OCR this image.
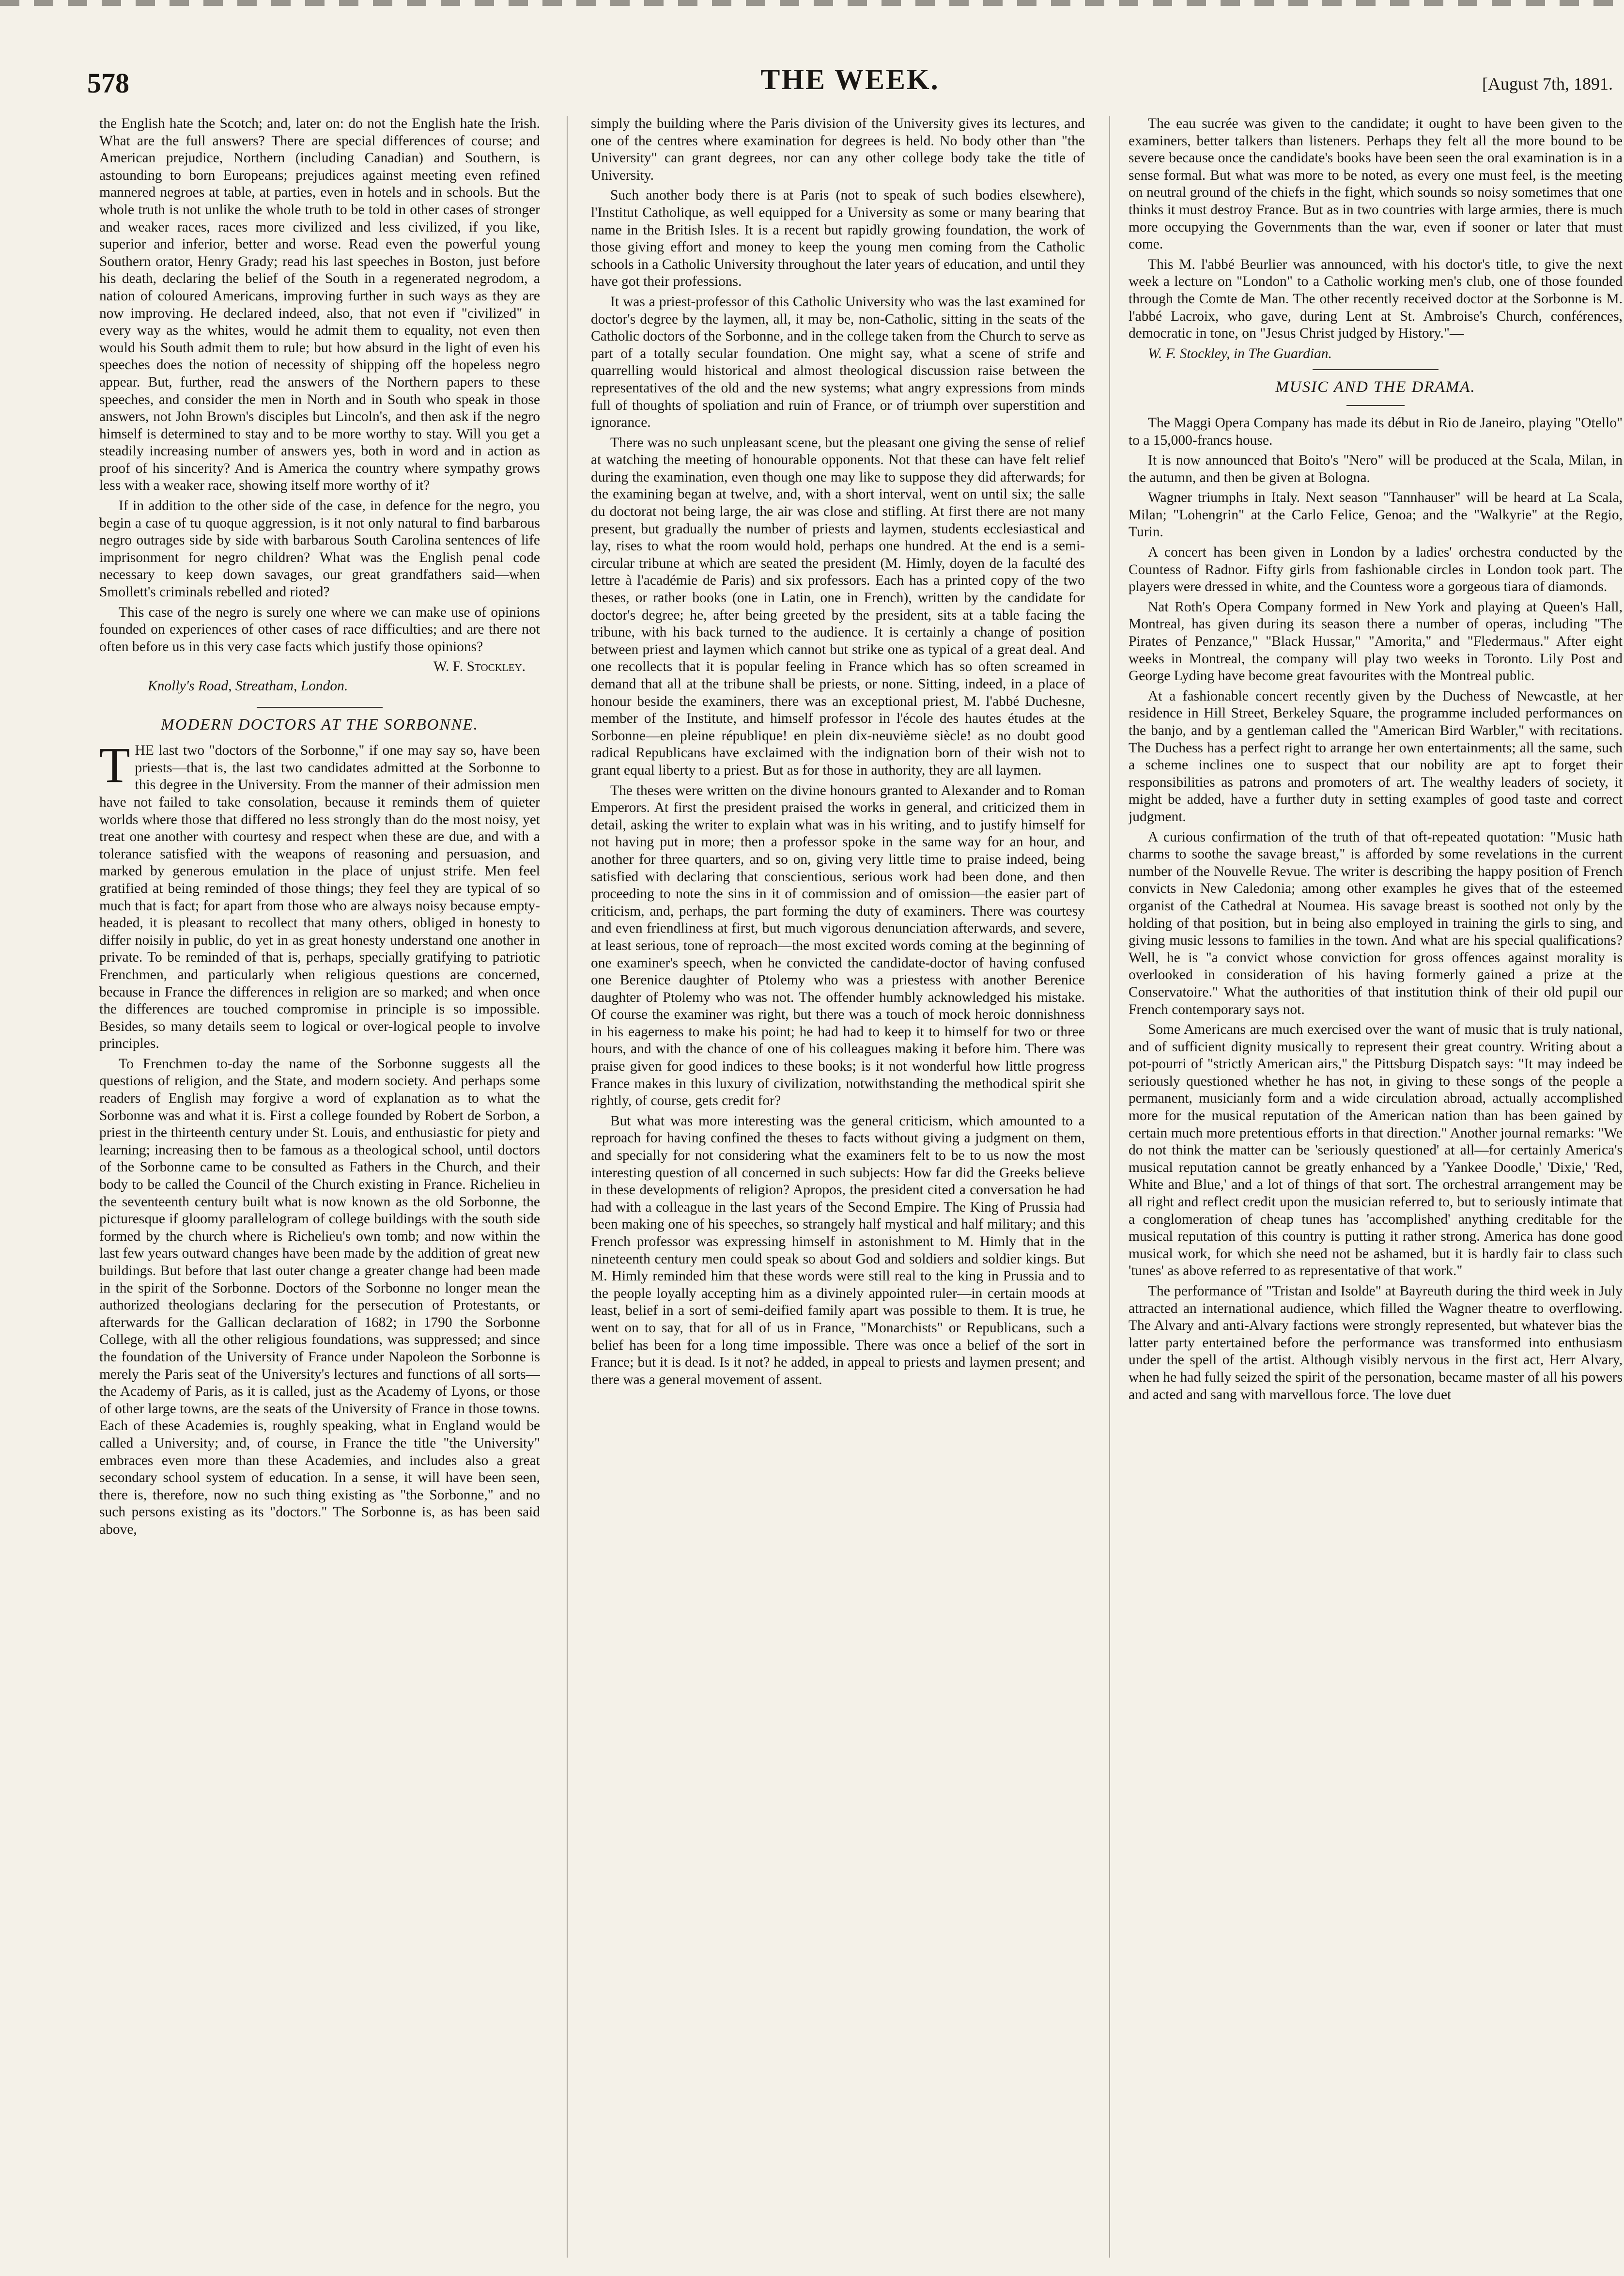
578	THE WEEK.	[August 7th, 1891.

the English hate the Scotch; and, later on: do not the English hate the Irish. What are the full answers? There are special differences of course; and American prejudice, Northern (including Canadian) and Southern, is astounding to born Europeans; prejudices against meeting even refined mannered negroes at table, at parties, even in hotels and in schools. But the whole truth is not unlike the whole truth to be told in other cases of stronger and weaker races, races more civilized and less civilized, if you like, superior and inferior, better and worse. Read even the powerful young Southern orator, Henry Grady; read his last speeches in Boston, just before his death, declaring the belief of the South in a regenerated negrodom, a nation of coloured Americans, improving further in such ways as they are now improving. He declared indeed, also, that not even if "civilized" in every way as the whites, would he admit them to equality, not even then would his South admit them to rule; but how absurd in the light of even his speeches does the notion of necessity of shipping off the hopeless negro appear. But, further, read the answers of the Northern papers to these speeches, and consider the men in North and in South who speak in those answers, not John Brown's disciples but Lincoln's, and then ask if the negro himself is determined to stay and to be more worthy to stay. Will you get a steadily increasing number of answers yes, both in word and in action as proof of his sincerity? And is America the country where sympathy grows less with a weaker race, showing itself more worthy of it?

If in addition to the other side of the case, in defence for the negro, you begin a case of tu quoque aggression, is it not only natural to find barbarous negro outrages side by side with barbarous South Carolina sentences of life imprisonment for negro children? What was the English penal code necessary to keep down savages, our great grandfathers said—when Smollett's criminals rebelled and rioted?

This case of the negro is surely one where we can make use of opinions founded on experiences of other cases of race difficulties; and are there not often before us in this very case facts which justify those opinions?

W. F. Stockley.
Knolly's Road, Streatham, London.
MODERN DOCTORS AT THE SORBONNE.

THE last two "doctors of the Sorbonne," if one may say so, have been priests—that is, the last two candidates admitted at the Sorbonne to this degree in the University. From the manner of their admission men have not failed to take consolation, because it reminds them of quieter worlds where those that differed no less strongly than do the most noisy, yet treat one another with courtesy and respect when these are due, and with a tolerance satisfied with the weapons of reasoning and persuasion, and marked by generous emulation in the place of unjust strife. Men feel gratified at being reminded of those things; they feel they are typical of so much that is fact; for apart from those who are always noisy because empty-headed, it is pleasant to recollect that many others, obliged in honesty to differ noisily in public, do yet in as great honesty understand one another in private. To be reminded of that is, perhaps, specially gratifying to patriotic Frenchmen, and particularly when religious questions are concerned, because in France the differences in religion are so marked; and when once the differences are touched compromise in principle is so impossible. Besides, so many details seem to logical or over-logical people to involve principles.

To Frenchmen to-day the name of the Sorbonne suggests all the questions of religion, and the State, and modern society. And perhaps some readers of English may forgive a word of explanation as to what the Sorbonne was and what it is. First a college founded by Robert de Sorbon, a priest in the thirteenth century under St. Louis, and enthusiastic for piety and learning; increasing then to be famous as a theological school, until doctors of the Sorbonne came to be consulted as Fathers in the Church, and their body to be called the Council of the Church existing in France. Richelieu in the seventeenth century built what is now known as the old Sorbonne, the picturesque if gloomy parallelogram of college buildings with the south side formed by the church where is Richelieu's own tomb; and now within the last few years outward changes have been made by the addition of great new buildings. But before that last outer change a greater change had been made in the spirit of the Sorbonne. Doctors of the Sorbonne no longer mean the authorized theologians declaring for the persecution of Protestants, or afterwards for the Gallican declaration of 1682; in 1790 the Sorbonne College, with all the other religious foundations, was suppressed; and since the foundation of the University of France under Napoleon the Sorbonne is merely the Paris seat of the University's lectures and functions of all sorts—the Academy of Paris, as it is called, just as the Academy of Lyons, or those of other large towns, are the seats of the University of France in those towns. Each of these Academies is, roughly speaking, what in England would be called a University; and, of course, in France the title "the University" embraces even more than these Academies, and includes also a great secondary school system of education. In a sense, it will have been seen, there is, therefore, now no such thing existing as "the Sorbonne," and no such persons existing as its "doctors." The Sorbonne is, as has been said above,

simply the building where the Paris division of the University gives its lectures, and one of the centres where examination for degrees is held. No body other than "the University" can grant degrees, nor can any other college body take the title of University.

Such another body there is at Paris (not to speak of such bodies elsewhere), l'Institut Catholique, as well equipped for a University as some or many bearing that name in the British Isles. It is a recent but rapidly growing foundation, the work of those giving effort and money to keep the young men coming from the Catholic schools in a Catholic University throughout the later years of education, and until they have got their professions.

It was a priest-professor of this Catholic University who was the last examined for doctor's degree by the laymen, all, it may be, non-Catholic, sitting in the seats of the Catholic doctors of the Sorbonne, and in the college taken from the Church to serve as part of a totally secular foundation. One might say, what a scene of strife and quarrelling would historical and almost theological discussion raise between the representatives of the old and the new systems; what angry expressions from minds full of thoughts of spoliation and ruin of France, or of triumph over superstition and ignorance.

There was no such unpleasant scene, but the pleasant one giving the sense of relief at watching the meeting of honourable opponents. Not that these can have felt relief during the examination, even though one may like to suppose they did afterwards; for the examining began at twelve, and, with a short interval, went on until six; the salle du doctorat not being large, the air was close and stifling. At first there are not many present, but gradually the number of priests and laymen, students ecclesiastical and lay, rises to what the room would hold, perhaps one hundred. At the end is a semi-circular tribune at which are seated the president (M. Himly, doyen de la faculté des lettre à l'académie de Paris) and six professors. Each has a printed copy of the two theses, or rather books (one in Latin, one in French), written by the candidate for doctor's degree; he, after being greeted by the president, sits at a table facing the tribune, with his back turned to the audience. It is certainly a change of position between priest and laymen which cannot but strike one as typical of a great deal. And one recollects that it is popular feeling in France which has so often screamed in demand that all at the tribune shall be priests, or none. Sitting, indeed, in a place of honour beside the examiners, there was an exceptional priest, M. l'abbé Duchesne, member of the Institute, and himself professor in l'école des hautes études at the Sorbonne—en pleine république! en plein dix-neuvième siècle! as no doubt good radical Republicans have exclaimed with the indignation born of their wish not to grant equal liberty to a priest. But as for those in authority, they are all laymen.

The theses were written on the divine honours granted to Alexander and to Roman Emperors. At first the president praised the works in general, and criticized them in detail, asking the writer to explain what was in his writing, and to justify himself for not having put in more; then a professor spoke in the same way for an hour, and another for three quarters, and so on, giving very little time to praise indeed, being satisfied with declaring that conscientious, serious work had been done, and then proceeding to note the sins in it of commission and of omission—the easier part of criticism, and, perhaps, the part forming the duty of examiners. There was courtesy and even friendliness at first, but much vigorous denunciation afterwards, and severe, at least serious, tone of reproach—the most excited words coming at the beginning of one examiner's speech, when he convicted the candidate-doctor of having confused one Berenice daughter of Ptolemy who was a priestess with another Berenice daughter of Ptolemy who was not. The offender humbly acknowledged his mistake. Of course the examiner was right, but there was a touch of mock heroic donnishness in his eagerness to make his point; he had had to keep it to himself for two or three hours, and with the chance of one of his colleagues making it before him. There was praise given for good indices to these books; is it not wonderful how little progress France makes in this luxury of civilization, notwithstanding the methodical spirit she rightly, of course, gets credit for?

But what was more interesting was the general criticism, which amounted to a reproach for having confined the theses to facts without giving a judgment on them, and specially for not considering what the examiners felt to be to us now the most interesting question of all concerned in such subjects: How far did the Greeks believe in these developments of religion? Apropos, the president cited a conversation he had had with a colleague in the last years of the Second Empire. The King of Prussia had been making one of his speeches, so strangely half mystical and half military; and this French professor was expressing himself in astonishment to M. Himly that in the nineteenth century men could speak so about God and soldiers and soldier kings. But M. Himly reminded him that these words were still real to the king in Prussia and to the people loyally accepting him as a divinely appointed ruler—in certain moods at least, belief in a sort of semi-deified family apart was possible to them. It is true, he went on to say, that for all of us in France, "Monarchists" or Republicans, such a belief has been for a long time impossible. There was once a belief of the sort in France; but it is dead. Is it not? he added, in appeal to priests and laymen present; and there was a general movement of assent.

The eau sucrée was given to the candidate; it ought to have been given to the examiners, better talkers than listeners. Perhaps they felt all the more bound to be severe because once the candidate's books have been seen the oral examination is in a sense formal. But what was more to be noted, as every one must feel, is the meeting on neutral ground of the chiefs in the fight, which sounds so noisy sometimes that one thinks it must destroy France. But as in two countries with large armies, there is much more occupying the Governments than the war, even if sooner or later that must come.

This M. l'abbé Beurlier was announced, with his doctor's title, to give the next week a lecture on "London" to a Catholic working men's club, one of those founded through the Comte de Man. The other recently received doctor at the Sorbonne is M. l'abbé Lacroix, who gave, during Lent at St. Ambroise's Church, conférences, democratic in tone, on "Jesus Christ judged by History."—

W. F. Stockley, in The Guardian.

MUSIC AND THE DRAMA.

The Maggi Opera Company has made its début in Rio de Janeiro, playing "Otello" to a 15,000-francs house.

It is now announced that Boito's "Nero" will be produced at the Scala, Milan, in the autumn, and then be given at Bologna.

Wagner triumphs in Italy. Next season "Tannhauser" will be heard at La Scala, Milan; "Lohengrin" at the Carlo Felice, Genoa; and the "Walkyrie" at the Regio, Turin.

A concert has been given in London by a ladies' orchestra conducted by the Countess of Radnor. Fifty girls from fashionable circles in London took part. The players were dressed in white, and the Countess wore a gorgeous tiara of diamonds.

Nat Roth's Opera Company formed in New York and playing at Queen's Hall, Montreal, has given during its season there a number of operas, including "The Pirates of Penzance," "Black Hussar," "Amorita," and "Fledermaus." After eight weeks in Montreal, the company will play two weeks in Toronto. Lily Post and George Lyding have become great favourites with the Montreal public.

At a fashionable concert recently given by the Duchess of Newcastle, at her residence in Hill Street, Berkeley Square, the programme included performances on the banjo, and by a gentleman called the "American Bird Warbler," with recitations. The Duchess has a perfect right to arrange her own entertainments; all the same, such a scheme inclines one to suspect that our nobility are apt to forget their responsibilities as patrons and promoters of art. The wealthy leaders of society, it might be added, have a further duty in setting examples of good taste and correct judgment.

A curious confirmation of the truth of that oft-repeated quotation: "Music hath charms to soothe the savage breast," is afforded by some revelations in the current number of the Nouvelle Revue. The writer is describing the happy position of French convicts in New Caledonia; among other examples he gives that of the esteemed organist of the Cathedral at Noumea. His savage breast is soothed not only by the holding of that position, but in being also employed in training the girls to sing, and giving music lessons to families in the town. And what are his special qualifications? Well, he is "a convict whose conviction for gross offences against morality is overlooked in consideration of his having formerly gained a prize at the Conservatoire." What the authorities of that institution think of their old pupil our French contemporary says not.

Some Americans are much exercised over the want of music that is truly national, and of sufficient dignity musically to represent their great country. Writing about a pot-pourri of "strictly American airs," the Pittsburg Dispatch says: "It may indeed be seriously questioned whether he has not, in giving to these songs of the people a permanent, musicianly form and a wide circulation abroad, actually accomplished more for the musical reputation of the American nation than has been gained by certain much more pretentious efforts in that direction." Another journal remarks: "We do not think the matter can be 'seriously questioned' at all—for certainly America's musical reputation cannot be greatly enhanced by a 'Yankee Doodle,' 'Dixie,' 'Red, White and Blue,' and a lot of things of that sort. The orchestral arrangement may be all right and reflect credit upon the musician referred to, but to seriously intimate that a conglomeration of cheap tunes has 'accomplished' anything creditable for the musical reputation of this country is putting it rather strong. America has done good musical work, for which she need not be ashamed, but it is hardly fair to class such 'tunes' as above referred to as representative of that work."

The performance of "Tristan and Isolde" at Bayreuth during the third week in July attracted an international audience, which filled the Wagner theatre to overflowing. The Alvary and anti-Alvary factions were strongly represented, but whatever bias the latter party entertained before the performance was transformed into enthusiasm under the spell of the artist. Although visibly nervous in the first act, Herr Alvary, when he had fully seized the spirit of the personation, became master of all his powers and acted and sang with marvellous force. The love duet
